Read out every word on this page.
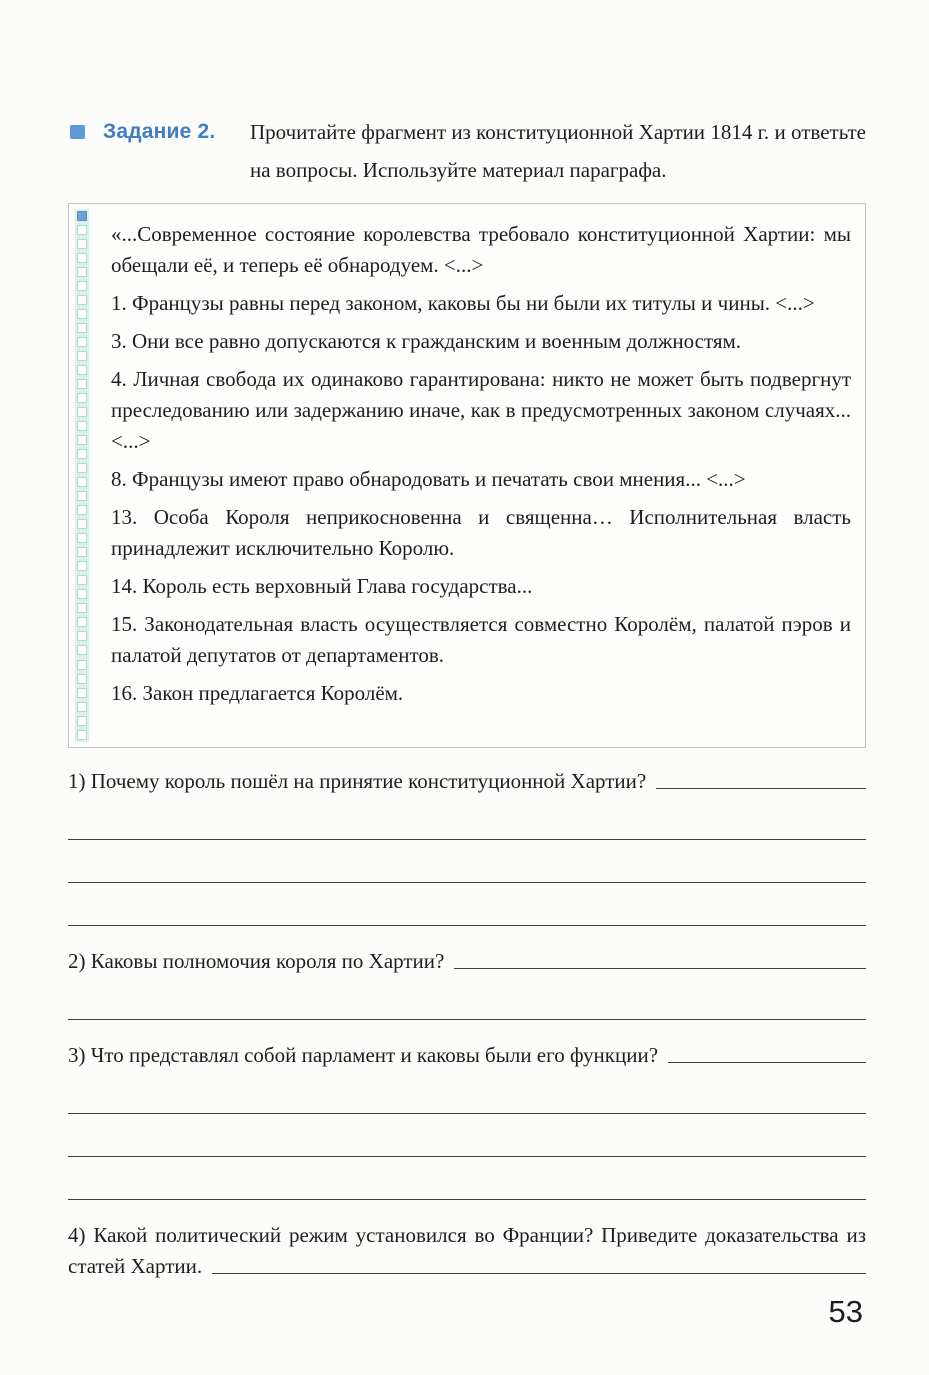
Задание 2.	Прочитайте фрагмент из конституционной Хартии 1814 г. и ответьте на вопросы. Используйте материал параграфа.

«...Современное состояние королевства требовало конституционной Хартии: мы обещали её, и теперь её обнародуем. <...>

1. Французы равны перед законом, каковы бы ни были их титулы и чины. <...>

3. Они все равно допускаются к гражданским и военным должностям.

4. Личная свобода их одинаково гарантирована: никто не может быть подвергнут преследованию или задержанию иначе, как в предусмотренных законом случаях... <...>

8. Французы имеют право обнародовать и печатать свои мнения... <...>

13. Особа Короля неприкосновенна и священна… Исполнительная власть принадлежит исключительно Королю.

14. Король есть верховный Глава государства...

15. Законодательная власть осуществляется совместно Королём, палатой пэров и палатой депутатов от департаментов.

16. Закон предлагается Королём.

1) Почему король пошёл на принятие конституционной Хартии?
2) Каковы полномочия короля по Хартии?
3) Что представлял собой парламент и каковы были его функции?
4) Какой политический режим установился во Франции? Приведите доказательства из статей Хартии.
53
